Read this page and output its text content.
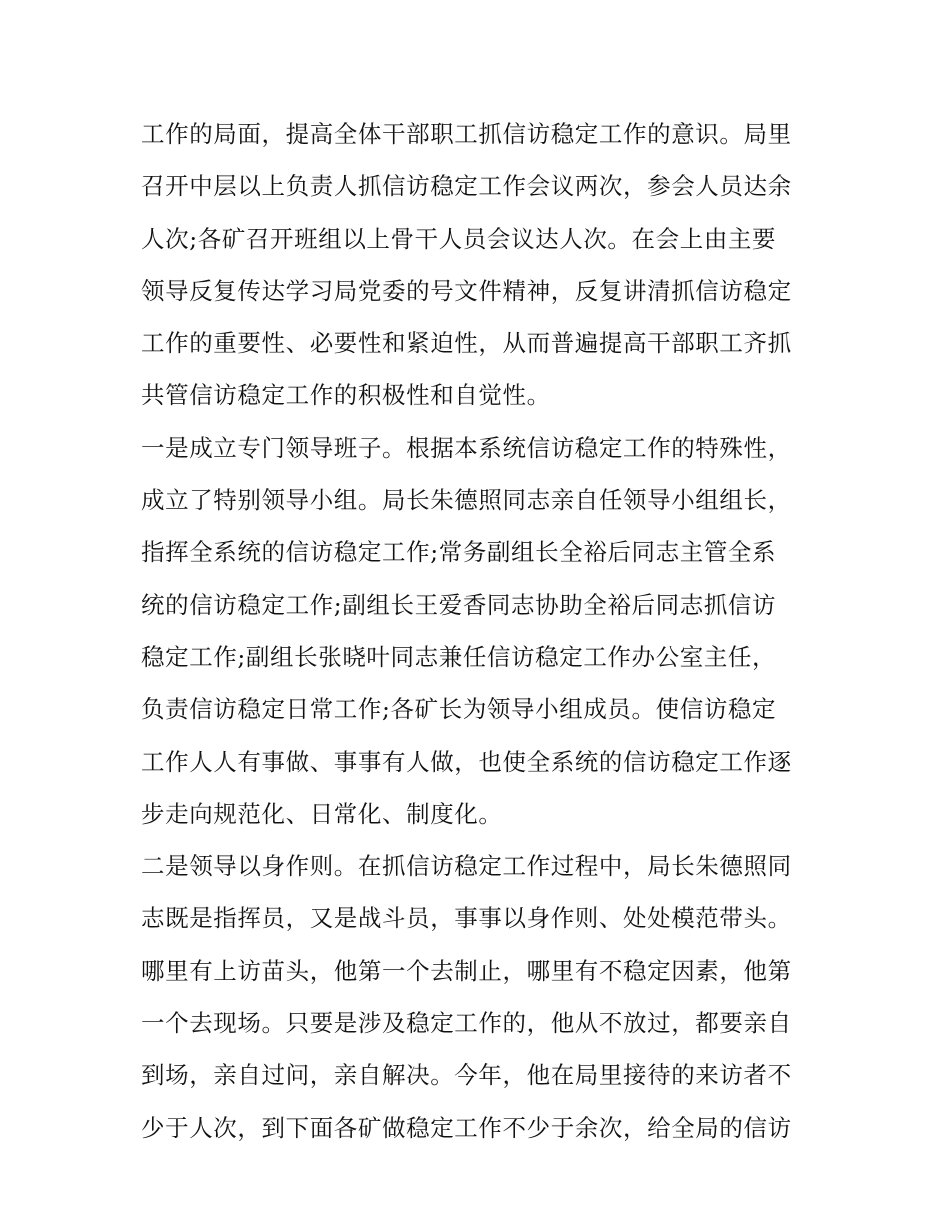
工作的局面，提高全体干部职工抓信访稳定工作的意识。局里
召开中层以上负责人抓信访稳定工作会议两次，参会人员达余
人次;各矿召开班组以上骨干人员会议达人次。在会上由主要
领导反复传达学习局党委的号文件精神，反复讲清抓信访稳定
工作的重要性、必要性和紧迫性，从而普遍提高干部职工齐抓
共管信访稳定工作的积极性和自觉性。
一是成立专门领导班子。根据本系统信访稳定工作的特殊性，
成立了特别领导小组。局长朱德照同志亲自任领导小组组长，
指挥全系统的信访稳定工作;常务副组长全裕后同志主管全系
统的信访稳定工作;副组长王爱香同志协助全裕后同志抓信访
稳定工作;副组长张晓叶同志兼任信访稳定工作办公室主任，
负责信访稳定日常工作;各矿长为领导小组成员。使信访稳定
工作人人有事做、事事有人做，也使全系统的信访稳定工作逐
步走向规范化、日常化、制度化。
二是领导以身作则。在抓信访稳定工作过程中，局长朱德照同
志既是指挥员，又是战斗员，事事以身作则、处处模范带头。
哪里有上访苗头，他第一个去制止，哪里有不稳定因素，他第
一个去现场。只要是涉及稳定工作的，他从不放过，都要亲自
到场，亲自过问，亲自解决。今年，他在局里接待的来访者不
少于人次，到下面各矿做稳定工作不少于余次，给全局的信访
